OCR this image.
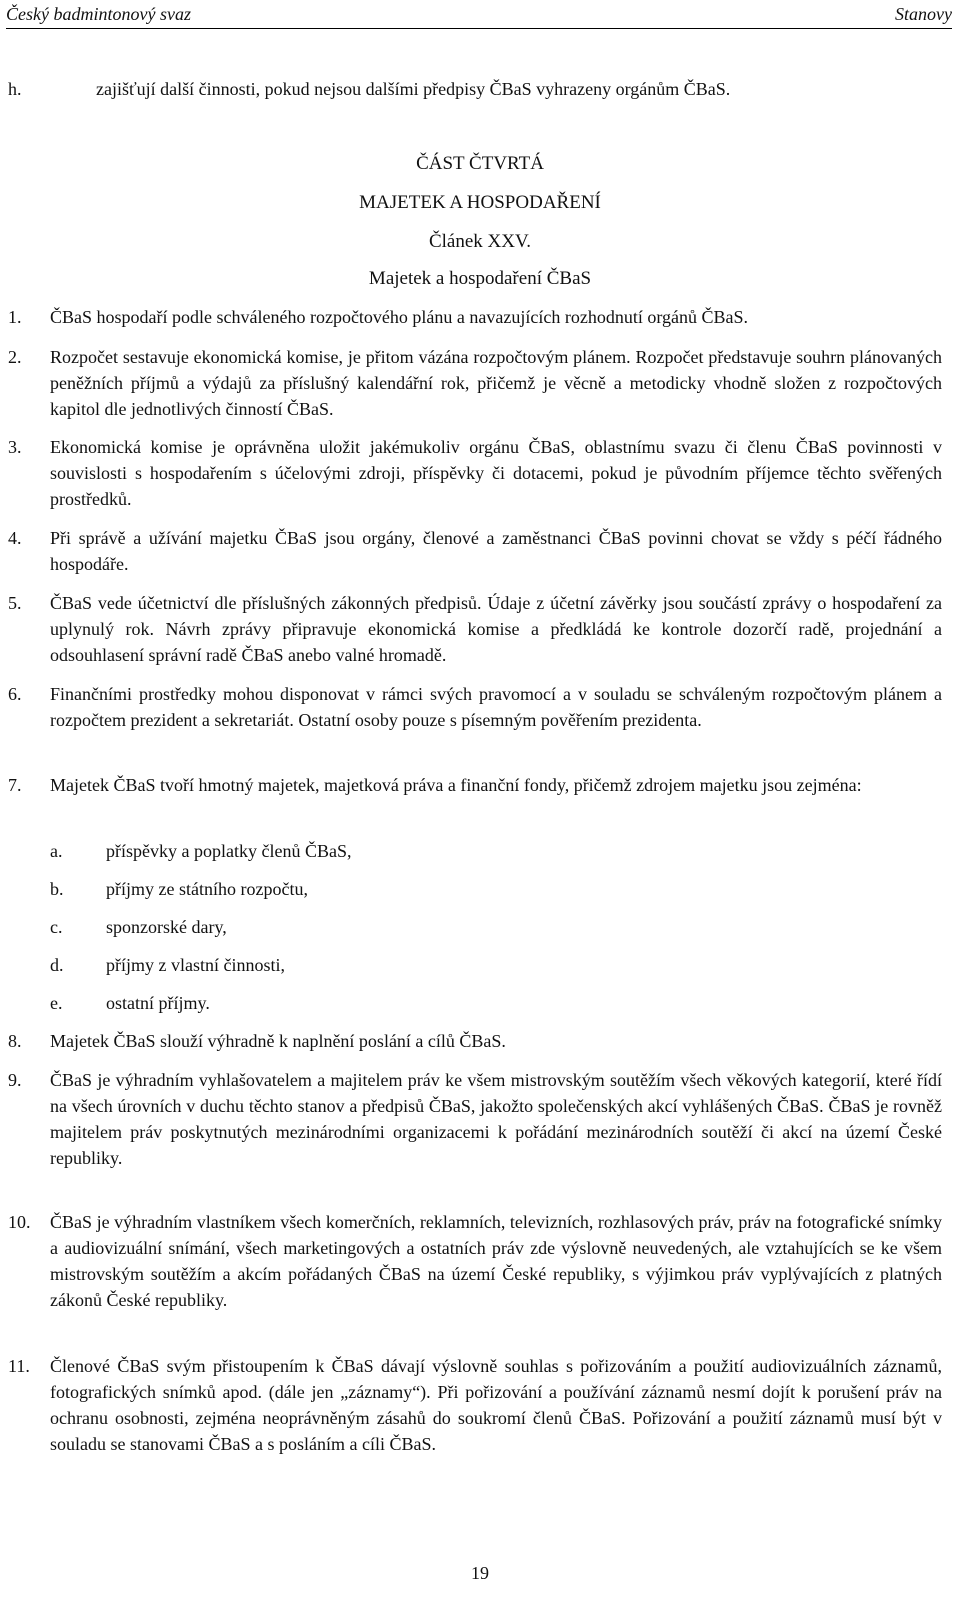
Český badmintonový svaz	Stanovy
h.	zajišťují další činnosti, pokud nejsou dalšími předpisy ČBaS vyhrazeny orgánům ČBaS.
ČÁST ČTVRTÁ
MAJETEK A HOSPODAŘENÍ
Článek XXV.
Majetek a hospodaření ČBaS
1.	ČBaS hospodaří podle schváleného rozpočtového plánu a navazujících rozhodnutí orgánů ČBaS.
2.	Rozpočet sestavuje ekonomická komise, je přitom vázána rozpočtovým plánem. Rozpočet představuje souhrn plánovaných peněžních příjmů a výdajů za příslušný kalendářní rok, přičemž je věcně a metodicky vhodně složen z rozpočtových kapitol dle jednotlivých činností ČBaS.
3.	Ekonomická komise je oprávněna uložit jakémukoliv orgánu ČBaS, oblastnímu svazu či členu ČBaS povinnosti v souvislosti s hospodařením s účelovými zdroji, příspěvky či dotacemi, pokud je původním příjemce těchto svěřených prostředků.
4.	Při správě a užívání majetku ČBaS jsou orgány, členové a zaměstnanci ČBaS povinni chovat se vždy s péčí řádného hospodáře.
5.	ČBaS vede účetnictví dle příslušných zákonných předpisů. Údaje z účetní závěrky jsou součástí zprávy o hospodaření za uplynulý rok. Návrh zprávy připravuje ekonomická komise a předkládá ke kontrole dozorčí radě, projednání a odsouhlasení správní radě ČBaS anebo valné hromadě.
6.	Finančními prostředky mohou disponovat v rámci svých pravomocí a v souladu se schváleným rozpočtovým plánem a rozpočtem prezident a sekretariát. Ostatní osoby pouze s písemným pověřením prezidenta.
7.	Majetek ČBaS tvoří hmotný majetek, majetková práva a finanční fondy, přičemž zdrojem majetku jsou zejména:
a. příspěvky a poplatky členů ČBaS,
b. příjmy ze státního rozpočtu,
c. sponzorské dary,
d. příjmy z vlastní činnosti,
e. ostatní příjmy.
8.	Majetek ČBaS slouží výhradně k naplnění poslání a cílů ČBaS.
9.	ČBaS je výhradním vyhlašovatelem a majitelem práv ke všem mistrovským soutěžím všech věkových kategorií, které řídí na všech úrovních v duchu těchto stanov a předpisů ČBaS, jakožto společenských akcí vyhlášených ČBaS. ČBaS je rovněž majitelem práv poskytnutých mezinárodními organizacemi k pořádání mezinárodních soutěží či akcí na území České republiky.
10.	ČBaS je výhradním vlastníkem všech komerčních, reklamních, televizních, rozhlasových práv, práv na fotografické snímky a audiovizuální snímání, všech marketingových a ostatních práv zde výslovně neuvedených, ale vztahujících se ke všem mistrovským soutěžím a akcím pořádaných ČBaS na území České republiky, s výjimkou práv vyplývajících z platných zákonů České republiky.
11.	Členové ČBaS svým přistoupením k ČBaS dávají výslovně souhlas s pořizováním a použití audiovizuálních záznamů, fotografických snímků apod. (dále jen „záznamy“). Při pořizování a používání záznamů nesmí dojít k porušení práv na ochranu osobnosti, zejména neoprávněným zásahů do soukromí členů ČBaS. Pořizování a použití záznamů musí být v souladu se stanovami ČBaS a s posláním a cíli ČBaS.
19
